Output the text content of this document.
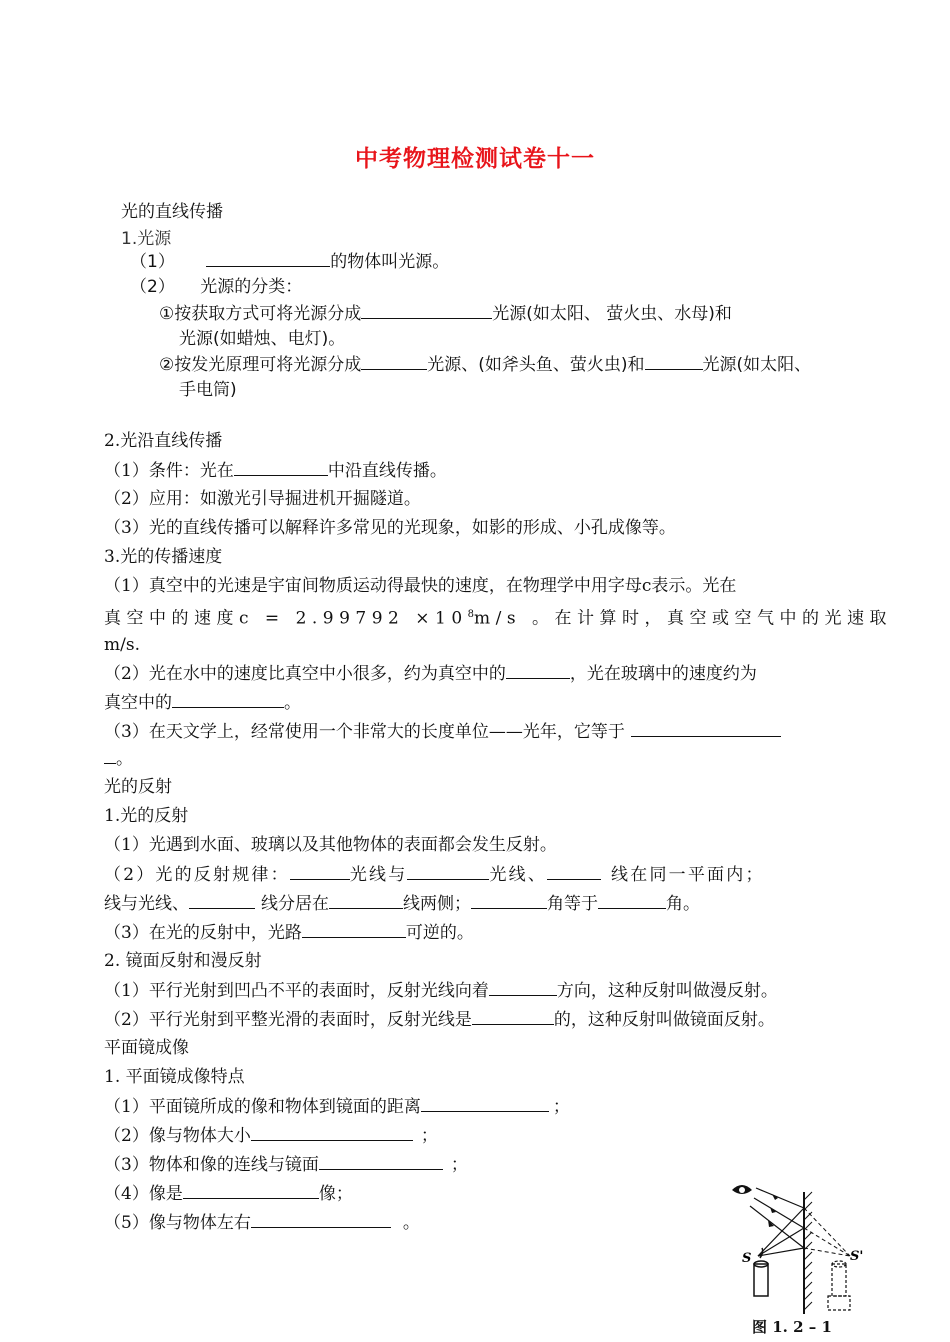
中考物理检测试卷十一
光的直线传播
1.光源
（1）	的物体叫光源。
（2） 光源的分类：
①按获取方式可将光源分成	光源(如太阳、 萤火虫、水母)和
光源(如蜡烛、电灯)。
②按发光原理可将光源分成	光源、(如斧头鱼、萤火虫)和	光源(如太阳、
手电筒)
2.光沿直线传播
（1）条件：光在	中沿直线传播。
（2）应用：如激光引导掘进机开掘隧道。
（3）光的直线传播可以解释许多常见的光现象，如影的形成、小孔成像等。
3.光的传播速度
（1）真空中的光速是宇宙间物质运动得最快的速度，在物理学中用字母c表示。光在
真空中的速度$c = 2.99792 \times 10^8m/s$ 。在计算时，真空或空气中的光速取
m/s.
（2）光在水中的速度比真空中小很多，约为真空中的	，光在玻璃中的速度约为
真空中的	。
（3）在天文学上，经常使用一个非常大的长度单位——光年，它等于
。
光的反射
1.光的反射
（1）光遇到水面、玻璃以及其他物体的表面都会发生反射。
（2）光的反射规律：	光线与	光线、	线在同一平面内；
线与光线、	线分居在	线两侧；	角等于	角。
（3）在光的反射中，光路	可逆的。
2. 镜面反射和漫反射
（1）平行光射到凹凸不平的表面时，反射光线向着	方向，这种反射叫做漫反射。
（2）平行光射到平整光滑的表面时，反射光线是	的，这种反射叫做镜面反射。
平面镜成像
1. 平面镜成像特点
（1）平面镜所成的像和物体到镜面的距离	；
（2）像与物体大小	；
（3）物体和像的连线与镜面	；
（4）像是	像；
（5）像与物体左右	。
S	S'
图 1. 2 – 1
